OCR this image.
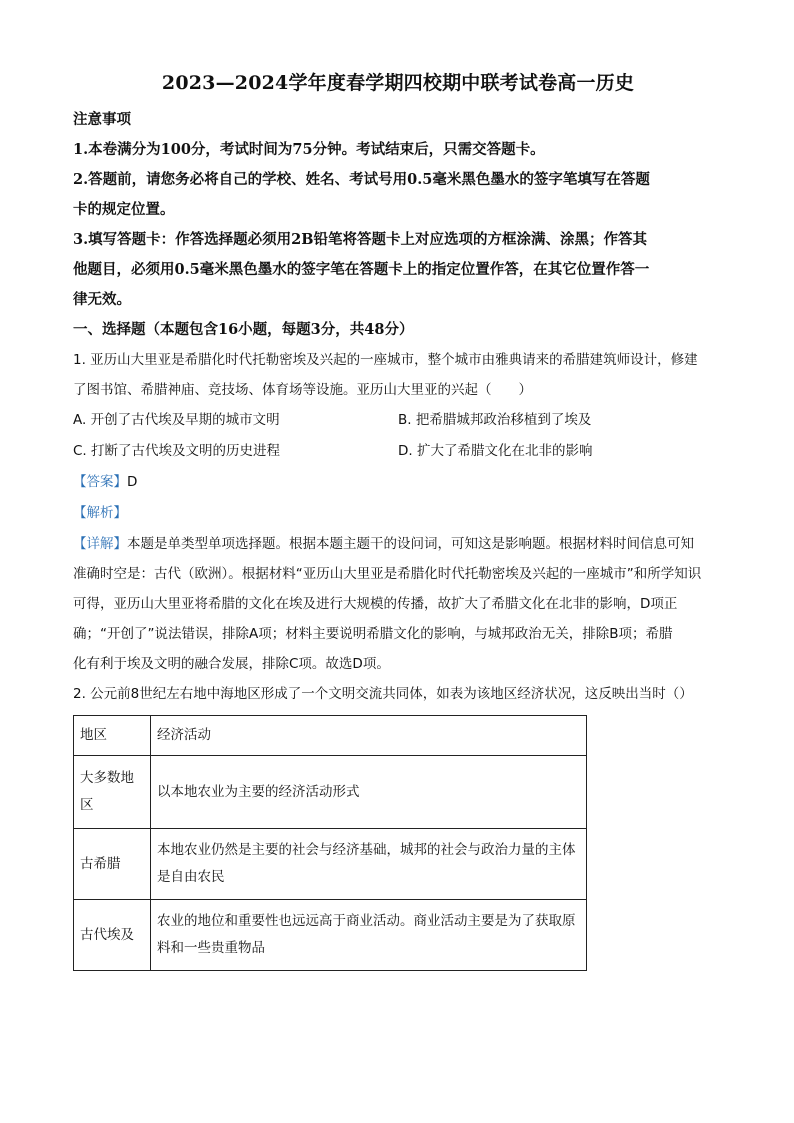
2023—2024学年度春学期四校期中联考试卷高一历史

注意事项

1.本卷满分为100分，考试时间为75分钟。考试结束后，只需交答题卡。

2.答题前，请您务必将自己的学校、姓名、考试号用0.5毫米黑色墨水的签字笔填写在答题

卡的规定位置。

3.填写答题卡：作答选择题必须用2B铅笔将答题卡上对应选项的方框涂满、涂黑；作答其

他题目，必须用0.5毫米黑色墨水的签字笔在答题卡上的指定位置作答，在其它位置作答一

律无效。

一、选择题（本题包含16小题，每题3分，共48分）

1. 亚历山大里亚是希腊化时代托勒密埃及兴起的一座城市，整个城市由雅典请来的希腊建筑师设计，修建

了图书馆、希腊神庙、竞技场、体育场等设施。亚历山大里亚的兴起（　　）

A. 开创了古代埃及早期的城市文明	B. 把希腊城邦政治移植到了埃及
C. 打断了古代埃及文明的历史进程	D. 扩大了希腊文化在北非的影响

【答案】D

【解析】

【详解】本题是单类型单项选择题。根据本题主题干的设问词，可知这是影响题。根据材料时间信息可知

准确时空是：古代（欧洲）。根据材料“亚历山大里亚是希腊化时代托勒密埃及兴起的一座城市”和所学知识

可得，亚历山大里亚将希腊的文化在埃及进行大规模的传播，故扩大了希腊文化在北非的影响，D项正

确；“开创了”说法错误，排除A项；材料主要说明希腊文化的影响，与城邦政治无关，排除B项；希腊

化有利于埃及文明的融合发展，排除C项。故选D项。

2. 公元前8世纪左右地中海地区形成了一个文明交流共同体，如表为该地区经济状况，这反映出当时（）

地区	经济活动
大多数地区	以本地农业为主要的经济活动形式
古希腊	本地农业仍然是主要的社会与经济基础，城邦的社会与政治力量的主体是自由农民
古代埃及	农业的地位和重要性也远远高于商业活动。商业活动主要是为了获取原料和一些贵重物品
